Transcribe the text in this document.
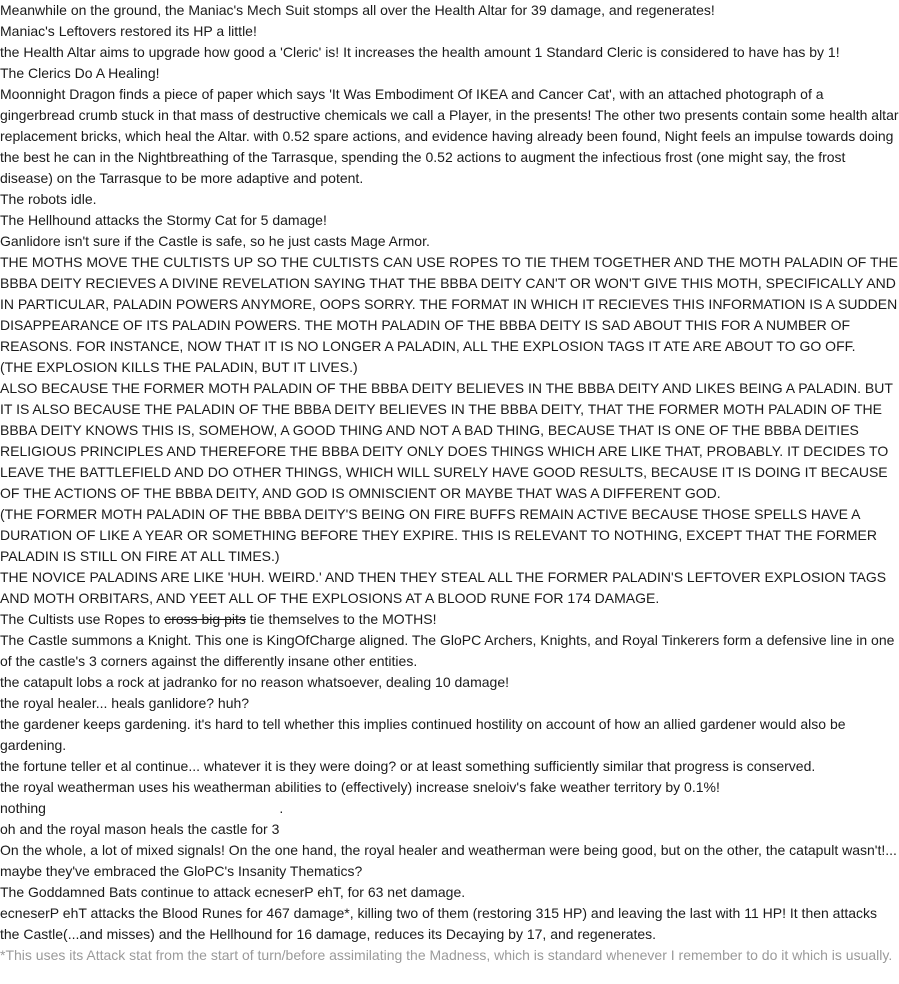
Meanwhile on the ground, the Maniac's Mech Suit stomps all over the Health Altar for 39 damage, and regenerates!

Maniac's Leftovers restored its HP a little!

the Health Altar aims to upgrade how good a 'Cleric' is! It increases the health amount 1 Standard Cleric is considered to have has by 1!

The Clerics Do A Healing!

Moonnight Dragon finds a piece of paper which says 'It Was Embodiment Of IKEA and Cancer Cat', with an attached photograph of a gingerbread crumb stuck in that mass of destructive chemicals we call a Player, in the presents! The other two presents contain some health altar replacement bricks, which heal the Altar. with 0.52 spare actions, and evidence having already been found, Night feels an impulse towards doing the best he can in the Nightbreathing of the Tarrasque, spending the 0.52 actions to augment the infectious frost (one might say, the frost disease) on the Tarrasque to be more adaptive and potent.

The robots idle.

The Hellhound attacks the Stormy Cat for 5 damage!

Ganlidore isn't sure if the Castle is safe, so he just casts Mage Armor.

THE MOTHS MOVE THE CULTISTS UP SO THE CULTISTS CAN USE ROPES TO TIE THEM TOGETHER AND THE MOTH PALADIN OF THE BBBA DEITY RECIEVES A DIVINE REVELATION SAYING THAT THE BBBA DEITY CAN'T OR WON'T GIVE THIS MOTH, SPECIFICALLY AND IN PARTICULAR, PALADIN POWERS ANYMORE, OOPS SORRY. THE FORMAT IN WHICH IT RECIEVES THIS INFORMATION IS A SUDDEN DISAPPEARANCE OF ITS PALADIN POWERS. THE MOTH PALADIN OF THE BBBA DEITY IS SAD ABOUT THIS FOR A NUMBER OF REASONS. FOR INSTANCE, NOW THAT IT IS NO LONGER A PALADIN, ALL THE EXPLOSION TAGS IT ATE ARE ABOUT TO GO OFF.

(THE EXPLOSION KILLS THE PALADIN, BUT IT LIVES.)

ALSO BECAUSE THE FORMER MOTH PALADIN OF THE BBBA DEITY BELIEVES IN THE BBBA DEITY AND LIKES BEING A PALADIN. BUT IT IS ALSO BECAUSE THE PALADIN OF THE BBBA DEITY BELIEVES IN THE BBBA DEITY, THAT THE FORMER MOTH PALADIN OF THE BBBA DEITY KNOWS THIS IS, SOMEHOW, A GOOD THING AND NOT A BAD THING, BECAUSE THAT IS ONE OF THE BBBA DEITIES RELIGIOUS PRINCIPLES AND THEREFORE THE BBBA DEITY ONLY DOES THINGS WHICH ARE LIKE THAT, PROBABLY. IT DECIDES TO LEAVE THE BATTLEFIELD AND DO OTHER THINGS, WHICH WILL SURELY HAVE GOOD RESULTS, BECAUSE IT IS DOING IT BECAUSE OF THE ACTIONS OF THE BBBA DEITY, AND GOD IS OMNISCIENT OR MAYBE THAT WAS A DIFFERENT GOD.

(THE FORMER MOTH PALADIN OF THE BBBA DEITY'S BEING ON FIRE BUFFS REMAIN ACTIVE BECAUSE THOSE SPELLS HAVE A DURATION OF LIKE A YEAR OR SOMETHING BEFORE THEY EXPIRE. THIS IS RELEVANT TO NOTHING, EXCEPT THAT THE FORMER PALADIN IS STILL ON FIRE AT ALL TIMES.)

THE NOVICE PALADINS ARE LIKE 'HUH. WEIRD.' AND THEN THEY STEAL ALL THE FORMER PALADIN'S LEFTOVER EXPLOSION TAGS AND MOTH ORBITARS, AND YEET ALL OF THE EXPLOSIONS AT A BLOOD RUNE FOR 174 DAMAGE.

The Cultists use Ropes to cross big pits tie themselves to the MOTHS!

The Castle summons a Knight. This one is KingOfCharge aligned. The GloPC Archers, Knights, and Royal Tinkerers form a defensive line in one of the castle's 3 corners against the differently insane other entities.

the catapult lobs a rock at jadranko for no reason whatsoever, dealing 10 damage!

the royal healer... heals ganlidore? huh?

the gardener keeps gardening. it's hard to tell whether this implies continued hostility on account of how an allied gardener would also be gardening.

the fortune teller et al continue... whatever it is they were doing? or at least something sufficiently similar that progress is conserved.

the royal weatherman uses his weatherman abilities to (effectively) increase sneloiv's fake weather territory by 0.1%!

nothing	.

oh and the royal mason heals the castle for 3

On the whole, a lot of mixed signals! On the one hand, the royal healer and weatherman were being good, but on the other, the catapult wasn't!... maybe they've embraced the GloPC's Insanity Thematics?

The Goddamned Bats continue to attack ecneserP ehT, for 63 net damage.

ecneserP ehT attacks the Blood Runes for 467 damage*, killing two of them (restoring 315 HP) and leaving the last with 11 HP! It then attacks the Castle(...and misses) and the Hellhound for 16 damage, reduces its Decaying by 17, and regenerates.

*This uses its Attack stat from the start of turn/before assimilating the Madness, which is standard whenever I remember to do it which is usually.
